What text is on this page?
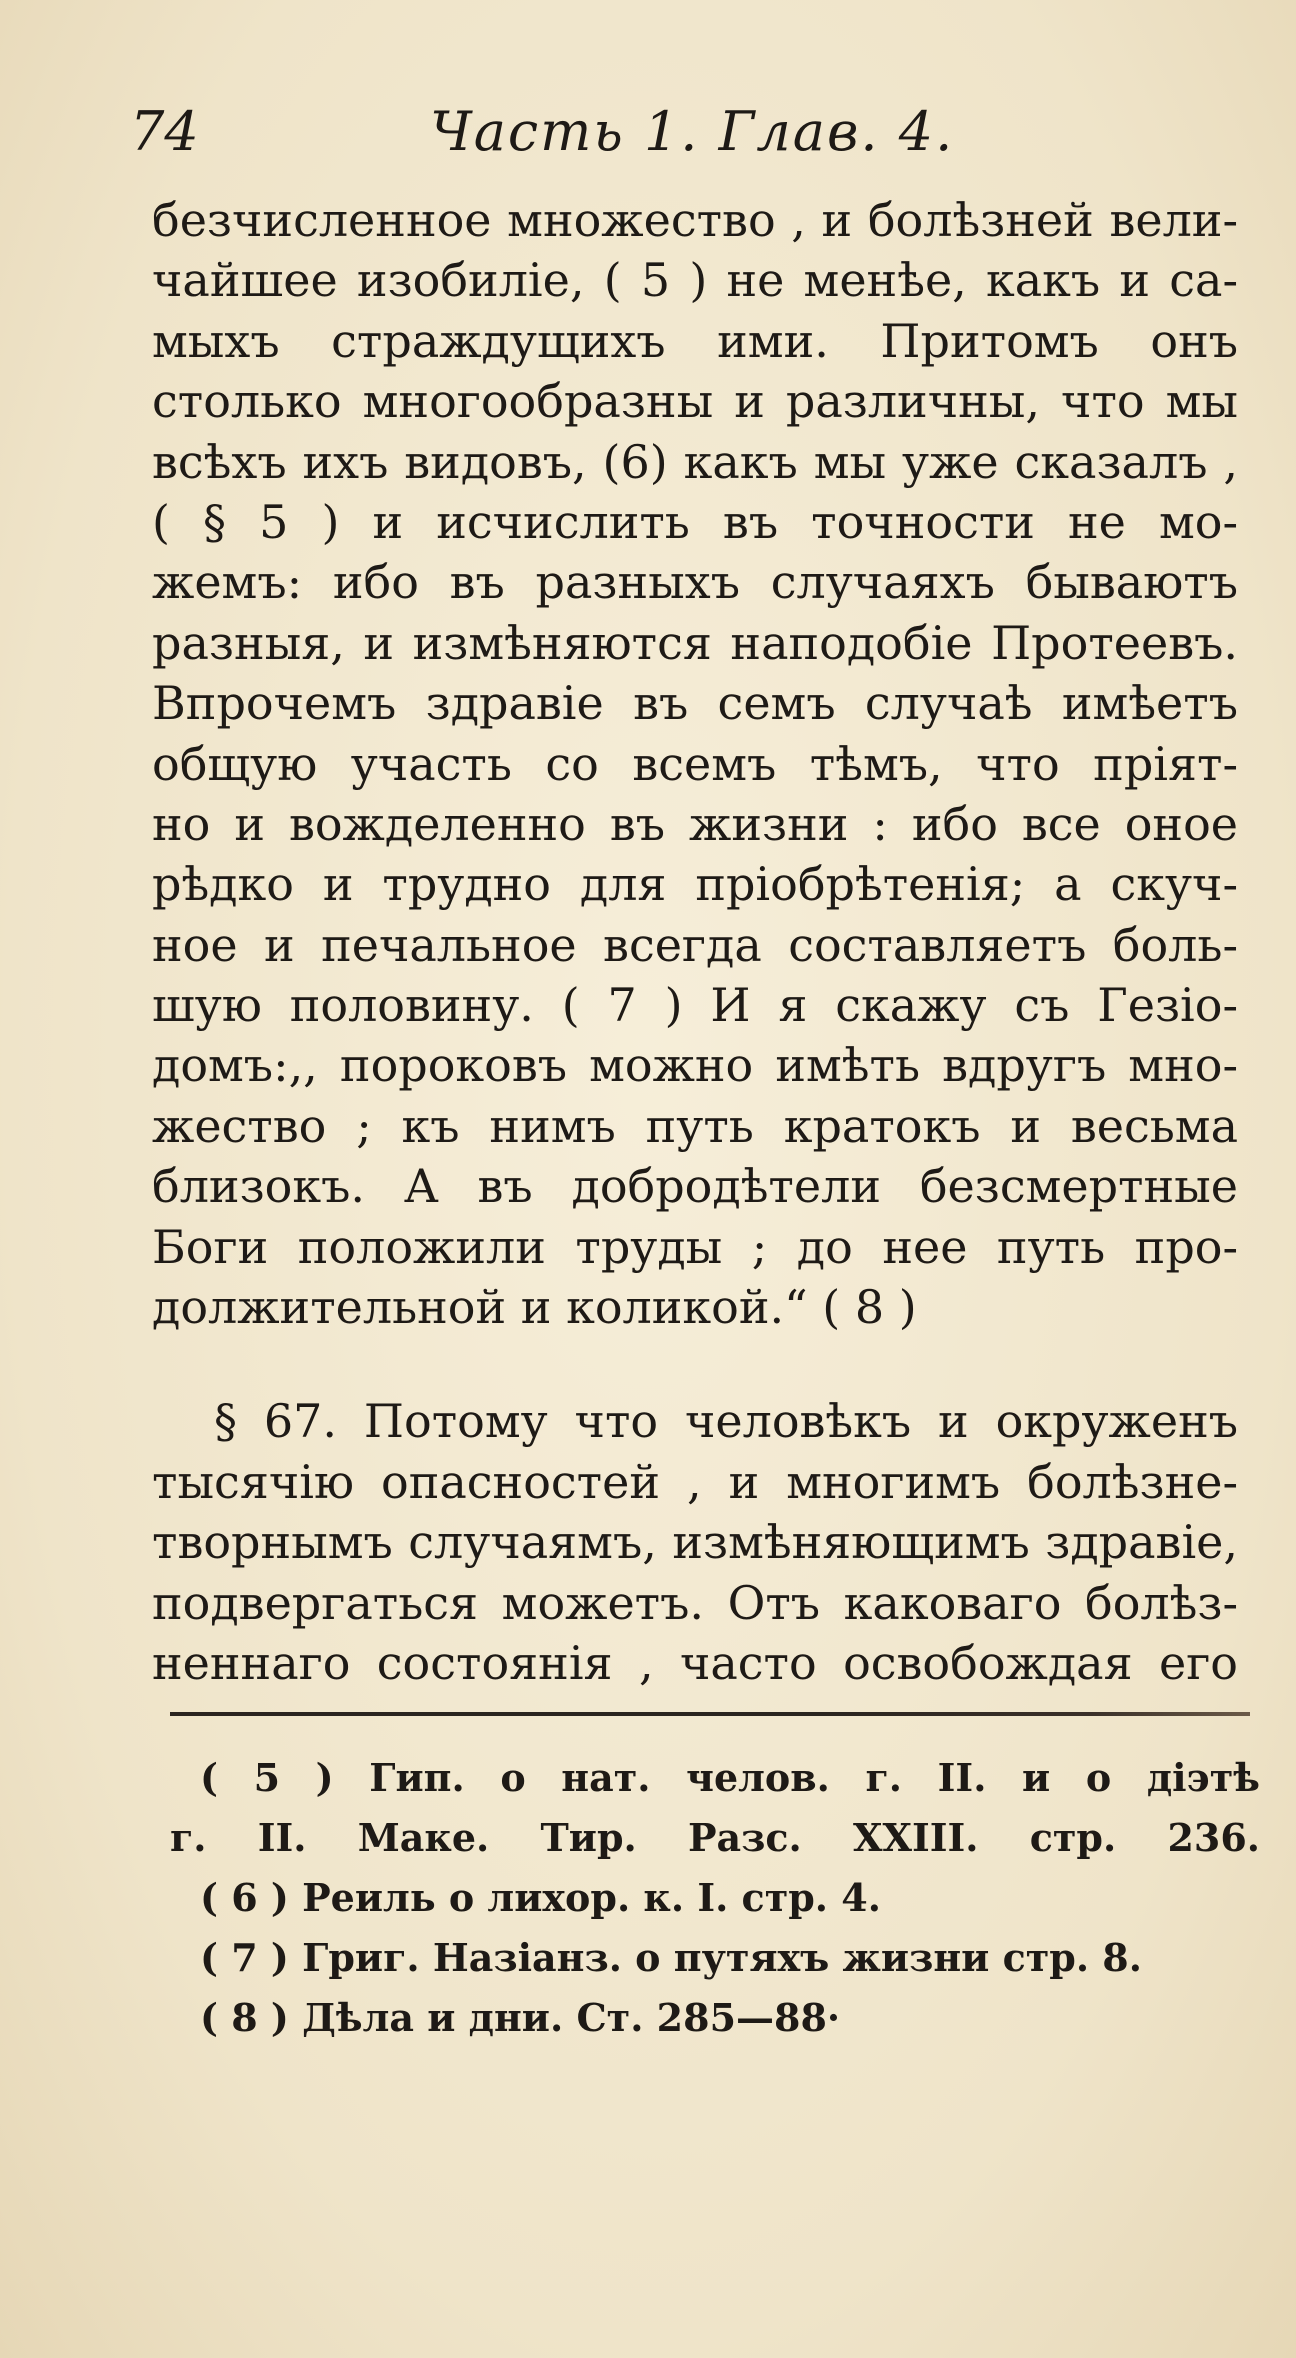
74	Часть 1. Глав. 4.
безчисленное множество , и болѣзней вели-
чайшее изобиліе, ( 5 ) не менѣе, какъ и са-
мыхъ страждущихъ ими. Притомъ онъ
столько многообразны и различны, что мы
всѣхъ ихъ видовъ, (6) какъ мы уже сказалъ ,
( § 5 ) и исчислить въ точности не мо-
жемъ: ибо въ разныхъ случаяхъ бываютъ
разныя, и измѣняются наподобіе Протеевъ.
Впрочемъ здравіе въ семъ случаѣ имѣетъ
общую участь со всемъ тѣмъ, что пріят-
но и вожделенно въ жизни : ибо все оное
рѣдко и трудно для пріобрѣтенія; а скуч-
ное и печальное всегда составляетъ боль-
шую половину. ( 7 ) И я скажу съ Гезіо-
домъ:,, пороковъ можно имѣть вдругъ мно-
жество ; къ нимъ путь кратокъ и весьма
близокъ. А въ добродѣтели безсмертные
Боги положили труды ; до нее путь про-
должительной и коликой.“ ( 8 )
§ 67. Потому что человѣкъ и окруженъ
тысячію опасностей , и многимъ болѣзне-
творнымъ случаямъ, измѣняющимъ здравіе,
подвергаться можетъ. Отъ каковаго болѣз-
неннаго состоянія , часто освобождая его
( 5 ) Гип. о нат. челов. г. II. и о діэтѣ
г. II. Маке. Тир. Разс. XXIII. стр. 236.
( 6 ) Реиль о лихор. к. I. стр. 4.
( 7 ) Григ. Назіанз. о путяхъ жизни стр. 8.
( 8 ) Дѣла и дни. Ст. 285—88·
